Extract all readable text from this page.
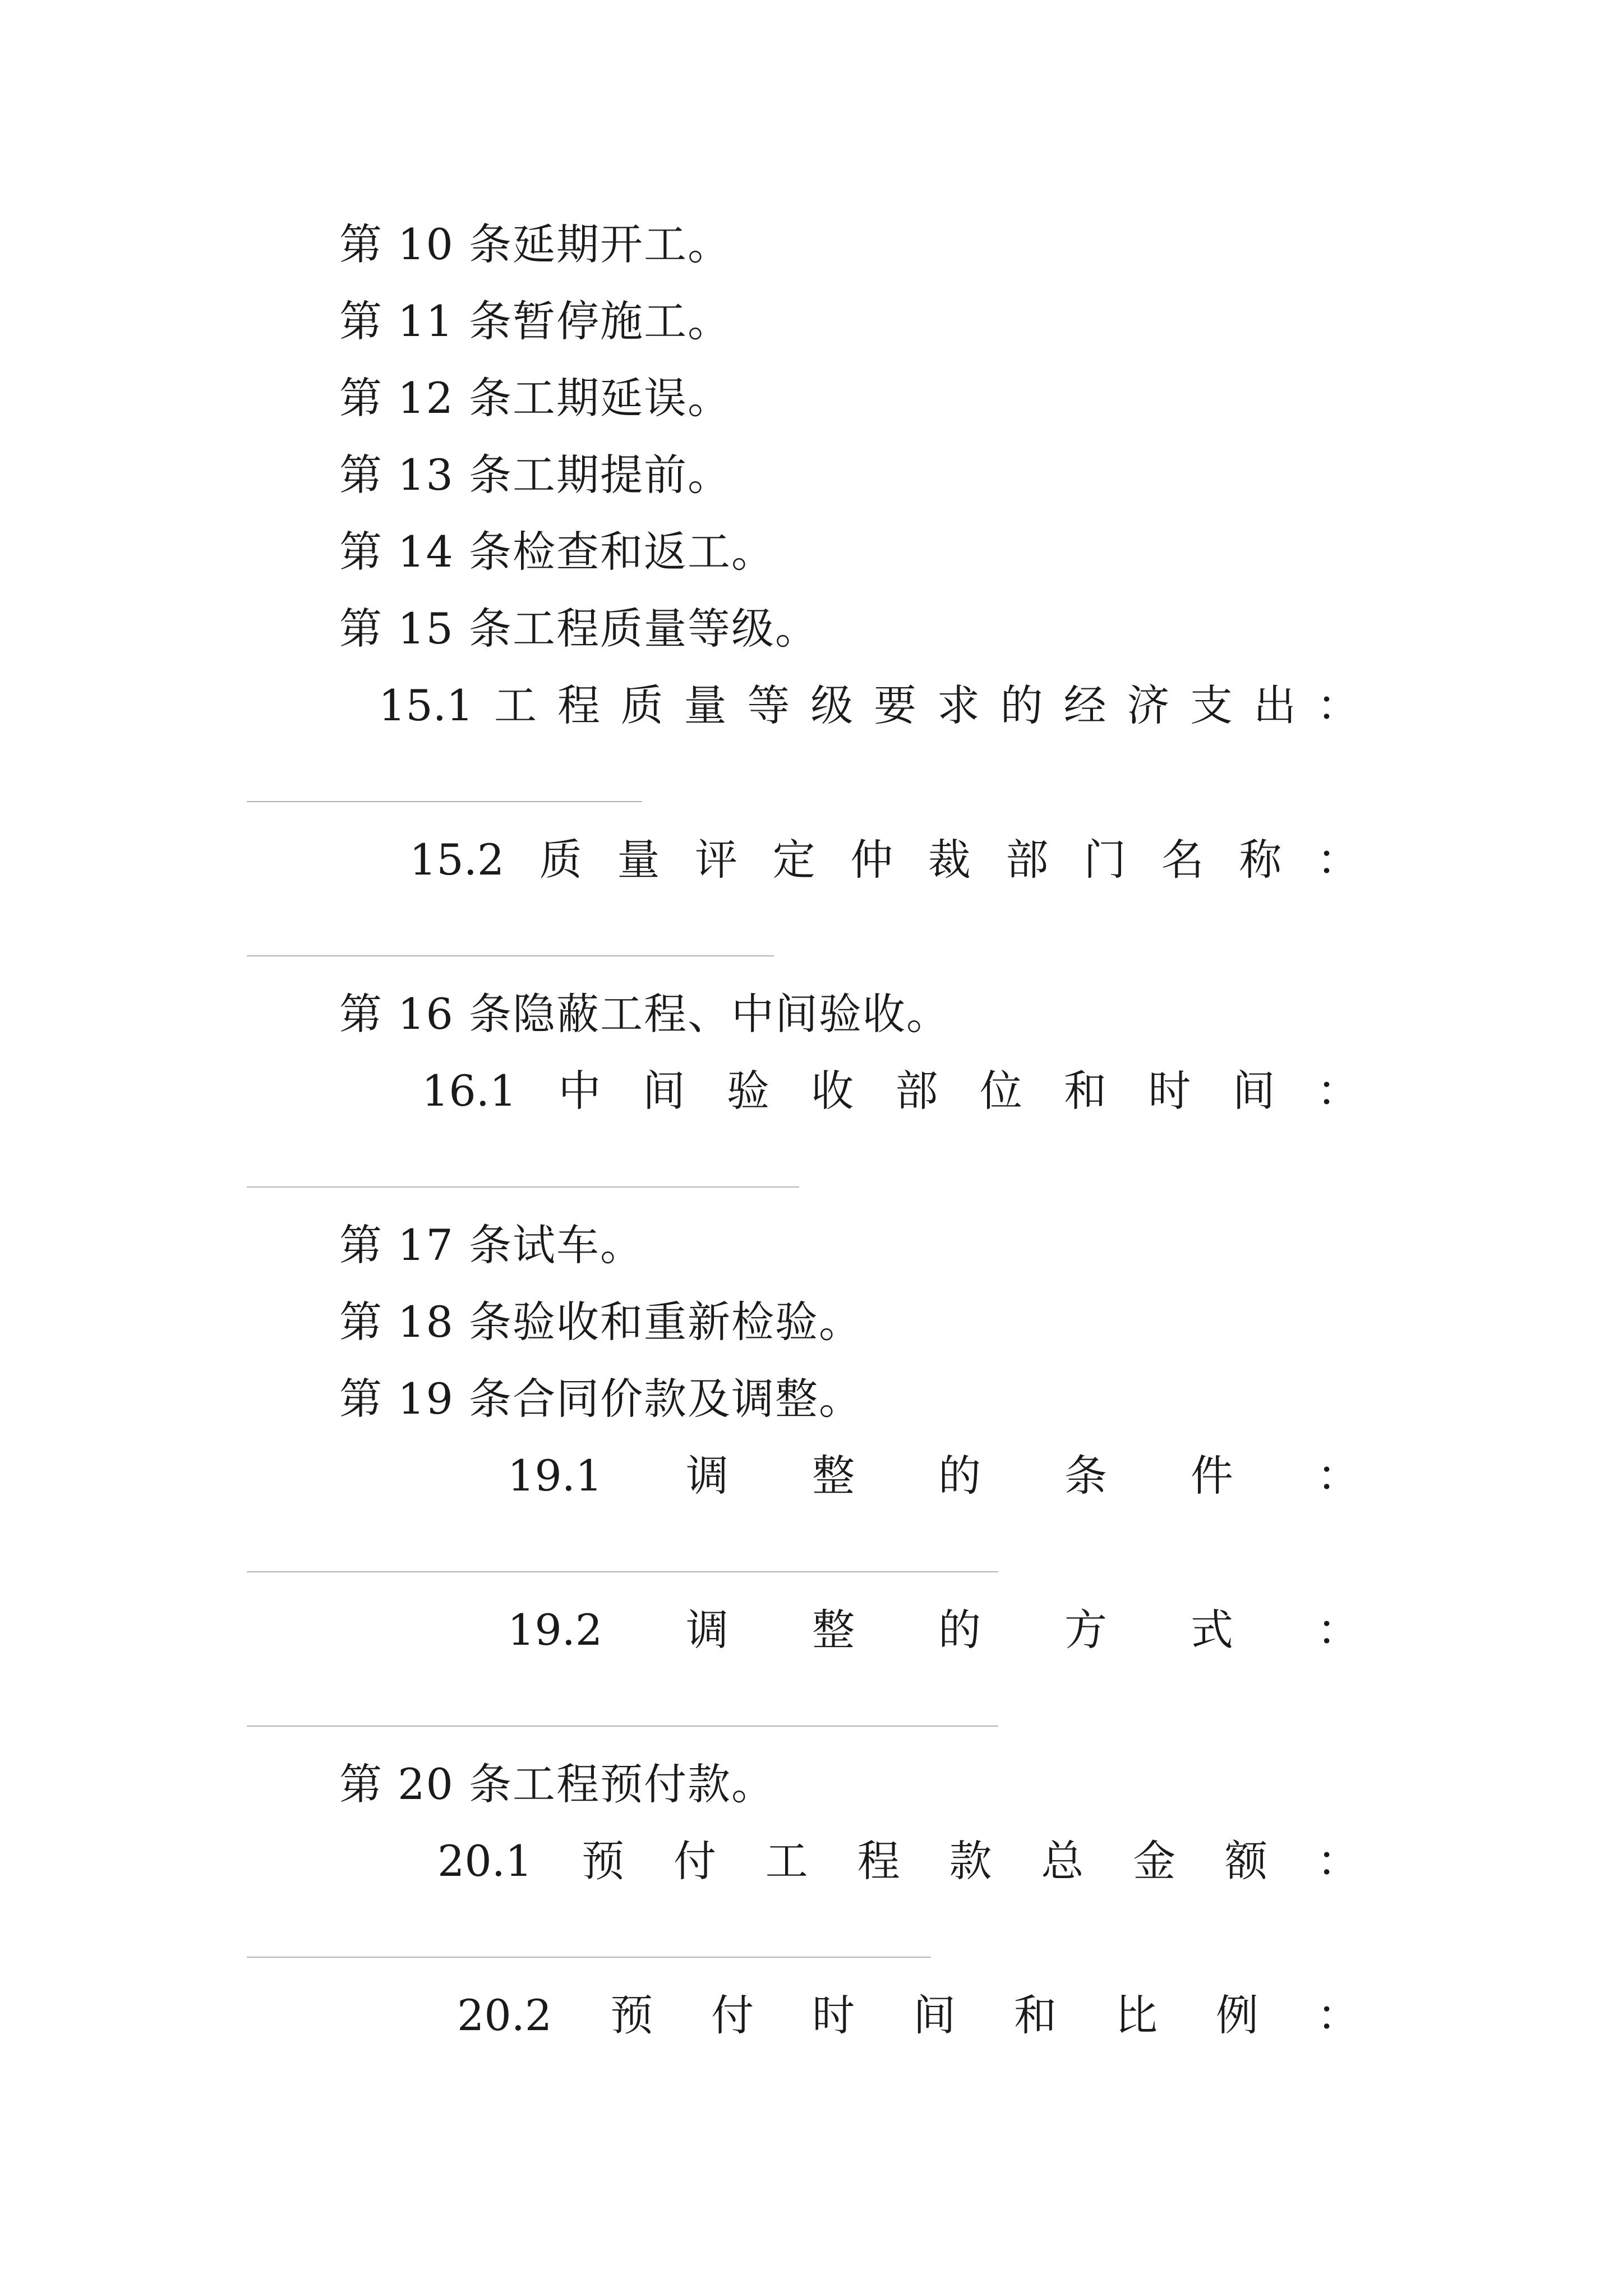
第 10 条延期开工。

第 11 条暂停施工。

第 12 条工期延误。

第 13 条工期提前。

第 14 条检查和返工。

第 15 条工程质量等级。

15.1 工 程 质 量 等 级 要 求 的 经 济 支 出 ：
15.2 质 量 评 定 仲 裁 部 门 名 称 ：

第 16 条隐蔽工程、中间验收。

16.1 中 间 验 收 部 位 和 时 间 ：

第 17 条试车。

第 18 条验收和重新检验。

第 19 条合同价款及调整。

19.1 调 整 的 条 件 ：
19.2 调 整 的 方 式 ：

第 20 条工程预付款。

20.1 预 付 工 程 款 总 金 额 ：
20.2 预 付 时 间 和 比 例 ：
